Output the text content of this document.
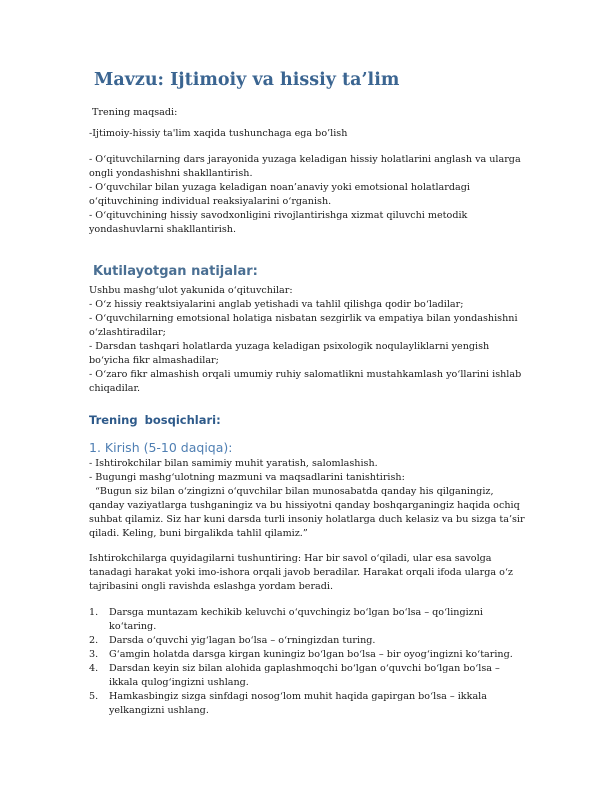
Mavzu: Ijtimoiy va hissiy ta’lim
Trening maqsadi:

-Ijtimoiy-hissiy ta'lim xaqida tushunchaga ega bo’lish

- O‘qituvchilarning dars jarayonida yuzaga keladigan hissiy holatlarini anglash va ularga ongli yondashishni shakllantirish.
- O‘quvchilar bilan yuzaga keladigan noan’anaviy yoki emotsional holatlardagi o‘qituvchining individual reaksiyalarini o‘rganish.
- O‘qituvchining hissiy savodxonligini rivojlantirishga xizmat qiluvchi metodik yondashuvlarni shakllantirish.
Kutilayotgan natijalar:
Ushbu mashg‘ulot yakunida o‘qituvchilar:
- O‘z hissiy reaktsiyalarini anglab yetishadi va tahlil qilishga qodir bo‘ladilar;
- O‘quvchilarning emotsional holatiga nisbatan sezgirlik va empatiya bilan yondashishni o‘zlashtiradilar;
- Darsdan tashqari holatlarda yuzaga keladigan psixologik noqulayliklarni yengish bo‘yicha fikr almashadilar;
- O‘zaro fikr almashish orqali umumiy ruhiy salomatlikni mustahkamlash yo‘llarini ishlab chiqadilar.
Trening bosqichlari:
1. Kirish (5-10 daqiqa):
- Ishtirokchilar bilan samimiy muhit yaratish, salomlashish.
- Bugungi mashg‘ulotning mazmuni va maqsadlarini tanishtirish:
“Bugun siz bilan o‘zingizni o‘quvchilar bilan munosabatda qanday his qilganingiz, qanday vaziyatlarga tushganingiz va bu hissiyotni qanday boshqarganingiz haqida ochiq suhbat qilamiz. Siz har kuni darsda turli insoniy holatlarga duch kelasiz va bu sizga ta’sir qiladi. Keling, buni birgalikda tahlil qilamiz.”

Ishtirokchilarga quyidagilarni tushuntiring: Har bir savol o‘qiladi, ular esa savolga tanadagi harakat yoki imo-ishora orqali javob beradilar. Harakat orqali ifoda ularga o‘z tajribasini ongli ravishda eslashga yordam beradi.

1. Darsga muntazam kechikib keluvchi o‘quvchingiz bo‘lgan bo‘lsa – qo‘lingizni ko‘taring.
2. Darsda o‘quvchi yig‘lagan bo‘lsa – o‘rningizdan turing.
3. G‘amgin holatda darsga kirgan kuningiz bo‘lgan bo‘lsa – bir oyog‘ingizni ko‘taring.
4. Darsdan keyin siz bilan alohida gaplashmoqchi bo‘lgan o‘quvchi bo‘lgan bo‘lsa – ikkala qulog‘ingizni ushlang.
5. Hamkasbingiz sizga sinfdagi nosog‘lom muhit haqida gapirgan bo‘lsa – ikkala yelkangizni ushlang.
